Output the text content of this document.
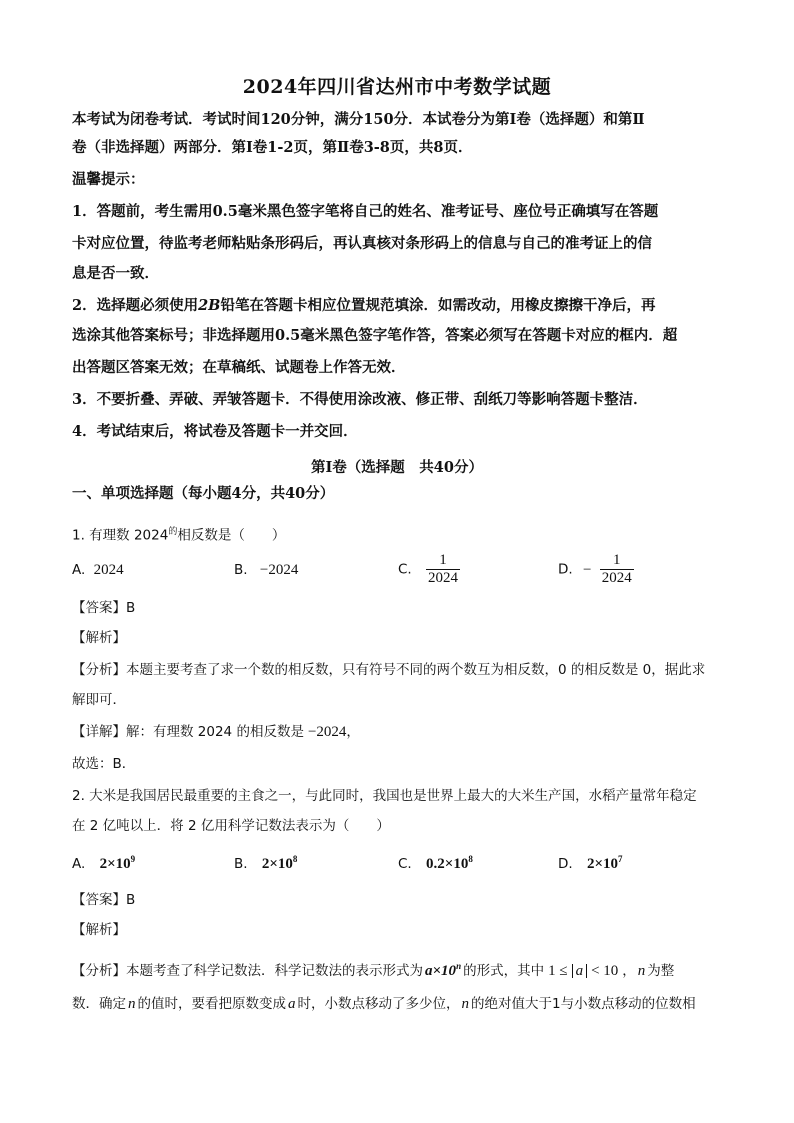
2024年四川省达州市中考数学试题
本考试为闭卷考试．考试时间120分钟，满分150分．本试卷分为第Ⅰ卷（选择题）和第Ⅱ
卷（非选择题）两部分．第Ⅰ卷1-2页，第Ⅱ卷3-8页，共8页．
温馨提示：
1．答题前，考生需用0.5毫米黑色签字笔将自己的姓名、准考证号、座位号正确填写在答题
卡对应位置，待监考老师粘贴条形码后，再认真核对条形码上的信息与自己的准考证上的信
息是否一致．
2．选择题必须使用2B铅笔在答题卡相应位置规范填涂．如需改动，用橡皮擦擦干净后，再
选涂其他答案标号；非选择题用0.5毫米黑色签字笔作答，答案必须写在答题卡对应的框内．超
出答题区答案无效；在草稿纸、试题卷上作答无效．
3．不要折叠、弄破、弄皱答题卡．不得使用涂改液、修正带、刮纸刀等影响答题卡整洁．
4．考试结束后，将试卷及答题卡一并交回．
第Ⅰ卷（选择题　共40分）
一、单项选择题（每小题4分，共40分）
1. 有理数 $2024^的$相反数是（　　）
A. 2024	B. −2024	C. $\frac{1}{2024}$	D. − $\frac{1}{2024}$
【答案】B
【解析】
【分析】本题主要考查了求一个数的相反数，只有符号不同的两个数互为相反数，0 的相反数是 0，据此求
解即可．
【详解】解：有理数 2024 的相反数是 −2024，
故选：B．
2. 大米是我国居民最重要的主食之一，与此同时，我国也是世界上最大的大米生产国，水稻产量常年稳定
在 2 亿吨以上．将 2 亿用科学记数法表示为（　　）
A. $2\times 10^9$	B. $2\times 10^8$	C. $0.2\times 10^8$	D. $2\times 10^7$
【答案】B
【解析】
【分析】本题考查了科学记数法．科学记数法的表示形式为 $a\times 10^n$ 的形式，其中 1 ≤ a < 10 ， n 为整
数．确定 n 的值时，要看把原数变成 a 时，小数点移动了多少位， n 的绝对值大于1与小数点移动的位数相
